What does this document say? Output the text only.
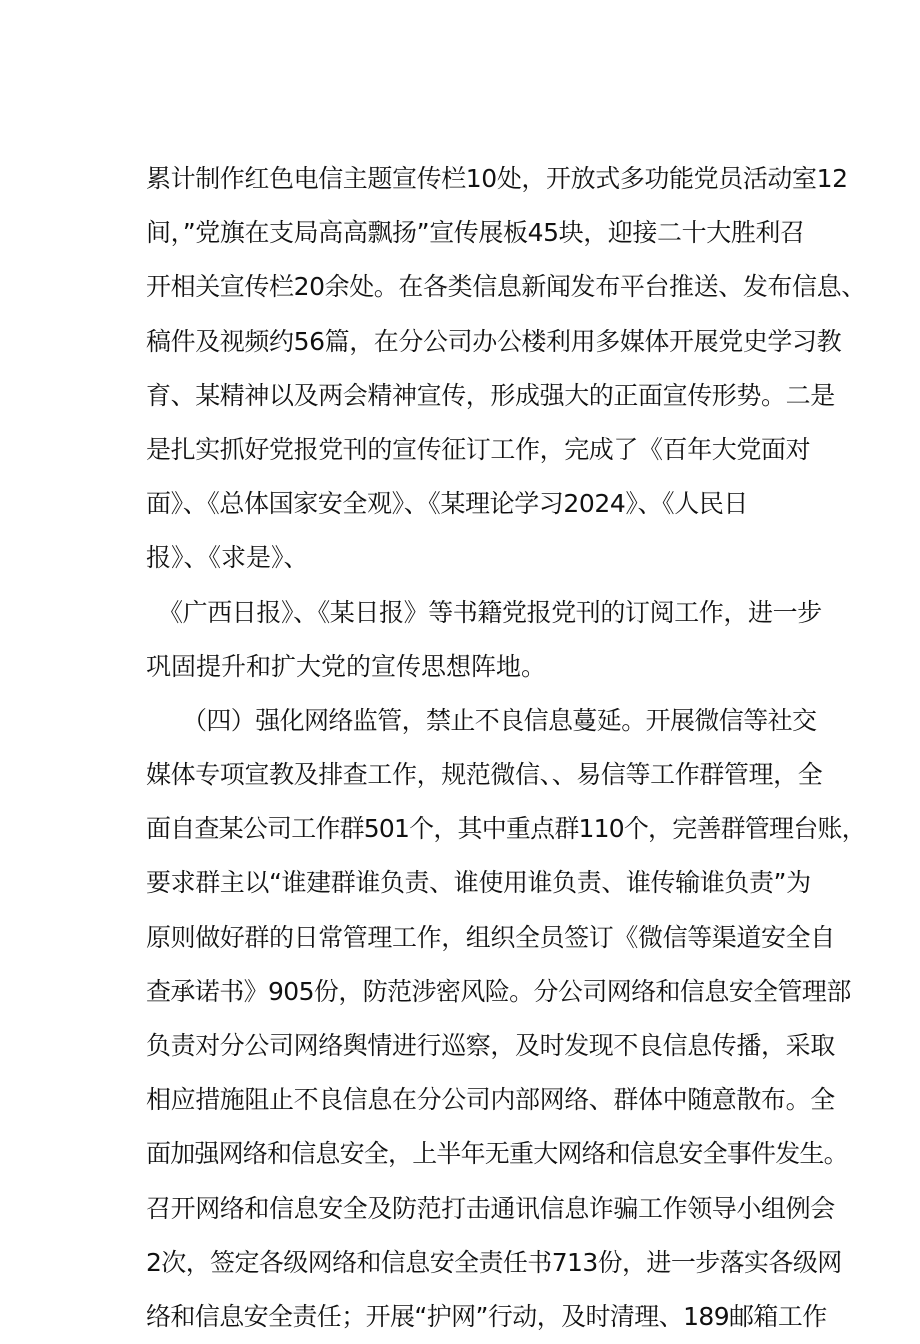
累计制作红色电信主题宣传栏10处，开放式多功能党员活动室12
间，”党旗在支局高高飘扬”宣传展板45块，迎接二十大胜利召
开相关宣传栏20余处。在各类信息新闻发布平台推送、发布信息、
稿件及视频约56篇，在分公司办公楼利用多媒体开展党史学习教
育、某精神以及两会精神宣传，形成强大的正面宣传形势。二是
是扎实抓好党报党刊的宣传征订工作，完成了《百年大党面对
面》、《总体国家安全观》、《某理论学习2024》、《人民日
报》、《求是》、
《广西日报》、《某日报》等书籍党报党刊的订阅工作，进一步
巩固提升和扩大党的宣传思想阵地。
（四）强化网络监管，禁止不良信息蔓延。开展微信等社交
媒体专项宣教及排查工作，规范微信、、易信等工作群管理，全
面自查某公司工作群501个，其中重点群110个，完善群管理台账，
要求群主以“谁建群谁负责、谁使用谁负责、谁传输谁负责”为
原则做好群的日常管理工作，组织全员签订《微信等渠道安全自
查承诺书》905份，防范涉密风险。分公司网络和信息安全管理部
负责对分公司网络舆情进行巡察，及时发现不良信息传播，采取
相应措施阻止不良信息在分公司内部网络、群体中随意散布。全
面加强网络和信息安全，上半年无重大网络和信息安全事件发生。
召开网络和信息安全及防范打击通讯信息诈骗工作领导小组例会
2次，签定各级网络和信息安全责任书713份，进一步落实各级网
络和信息安全责任；开展“护网”行动，及时清理、189邮箱工作
